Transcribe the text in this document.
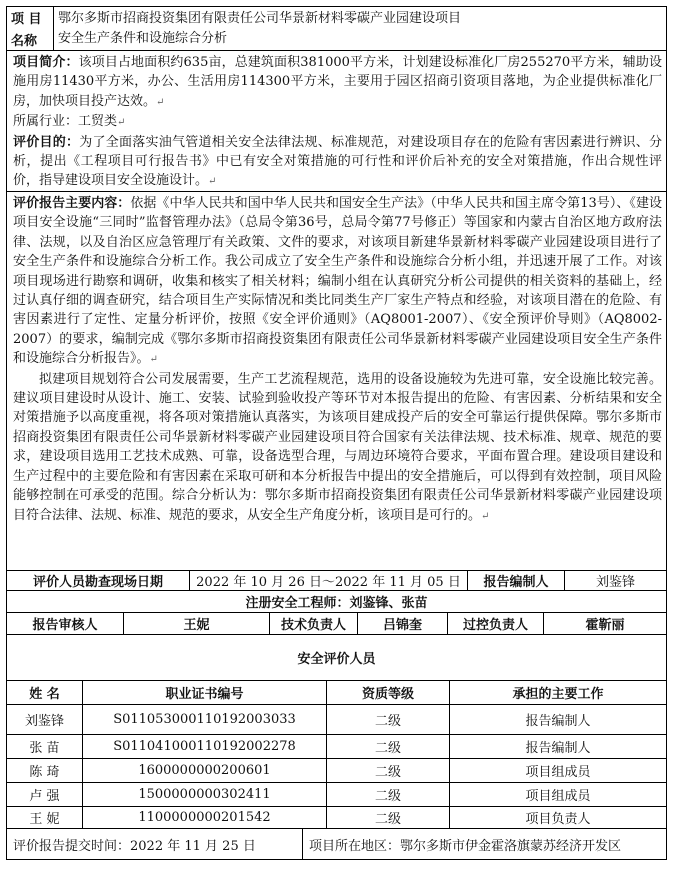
项 目
名称
鄂尔多斯市招商投资集团有限责任公司华景新材料零碳产业园建设项目
安全生产条件和设施综合分析
项目简介：该项目占地面积约635亩，总建筑面积381000平方米，计划建设标准化厂房255270平方米，辅助设施用房11430平方米，办公、生活用房114300平方米，主要用于园区招商引资项目落地，为企业提供标准化厂房，加快项目投产达效。↵
所属行业：工贸类↵
评价目的：为了全面落实油气管道相关安全法律法规、标准规范，对建设项目存在的危险有害因素进行辨识、分析，提出《工程项目可行报告书》中已有安全对策措施的可行性和评价后补充的安全对策措施，作出合规性评价，指导建设项目安全设施设计。↵
评价报告主要内容：依据《中华人民共和国中华人民共和国安全生产法》（中华人民共和国主席令第13号）、《建设项目安全设施“三同时”监督管理办法》（总局令第36号，总局令第77号修正）等国家和内蒙古自治区地方政府法律、法规，以及自治区应急管理厅有关政策、文件的要求，对该项目新建华景新材料零碳产业园建设项目进行了安全生产条件和设施综合分析工作。我公司成立了安全生产条件和设施综合分析小组，并迅速开展了工作。对该项目现场进行勘察和调研，收集和核实了相关材料；编制小组在认真研究分析公司提供的相关资料的基础上，经过认真仔细的调查研究，结合项目生产实际情况和类比同类生产厂家生产特点和经验，对该项目潜在的危险、有害因素进行了定性、定量分析评价，按照《安全评价通则》（AQ8001-2007）、《安全预评价导则》（AQ8002-2007）的要求，编制完成《鄂尔多斯市招商投资集团有限责任公司华景新材料零碳产业园建设项目安全生产条件和设施综合分析报告》。↵
拟建项目规划符合公司发展需要，生产工艺流程规范，选用的设备设施较为先进可靠，安全设施比较完善。建议项目建设时从设计、施工、安装、试验到验收投产等环节对本报告提出的危险、有害因素、分析结果和安全对策措施予以高度重视，将各项对策措施认真落实，为该项目建成投产后的安全可靠运行提供保障。鄂尔多斯市招商投资集团有限责任公司华景新材料零碳产业园建设项目符合国家有关法律法规、技术标准、规章、规范的要求，建设项目选用工艺技术成熟、可靠，设备选型合理，与周边环境符合要求，平面布置合理。建设项目建设和生产过程中的主要危险和有害因素在采取可研和本分析报告中提出的安全措施后，可以得到有效控制，项目风险能够控制在可承受的范围。综合分析认为：鄂尔多斯市招商投资集团有限责任公司华景新材料零碳产业园建设项目符合法律、法规、标准、规范的要求，从安全生产角度分析，该项目是可行的。↵
评价人员勘查现场日期	2022 年 10 月 26 日～2022 年 11 月 05 日	报告编制人	刘鉴锋
注册安全工程师：刘鉴锋、张苗
报告审核人	王妮	技术负责人	吕锦奎	过控负责人	霍靳丽
安全评价人员
姓 名	职业证书编号	资质等级	承担的主要工作
刘鉴锋	S011053000110192003033	二级	报告编制人
张 苗	S011041000110192002278	二级	报告编制人
陈 琦	1600000000200601	二级	项目组成员
卢 强	1500000000302411	二级	项目组成员
王 妮	1100000000201542	二级	项目负责人
评价报告提交时间： 2022 年 11 月 25 日	项目所在地区： 鄂尔多斯市伊金霍洛旗蒙苏经济开发区
